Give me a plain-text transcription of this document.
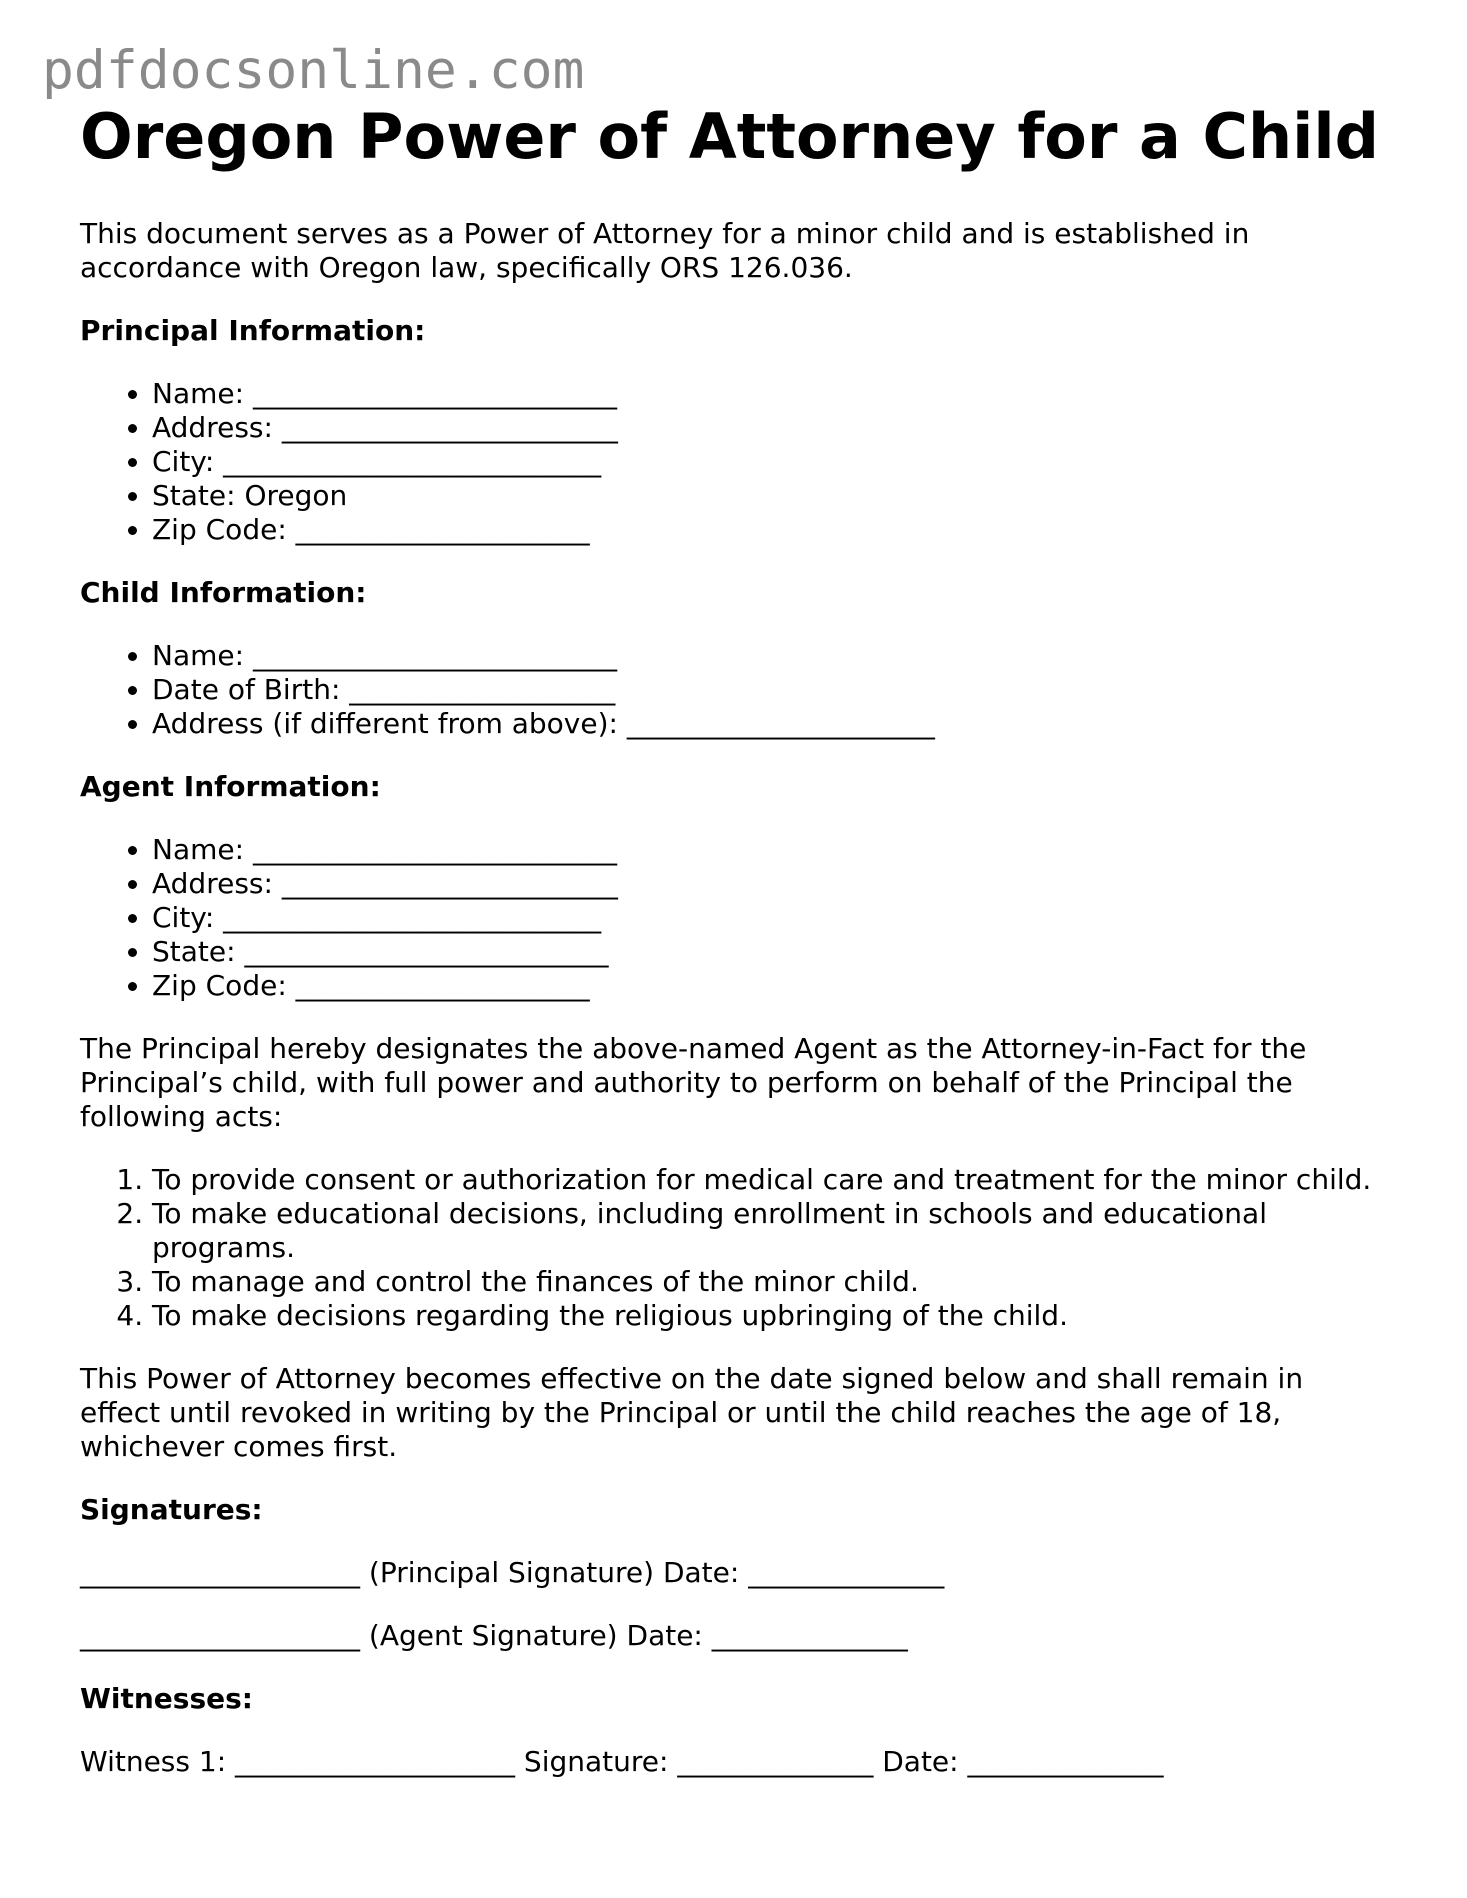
pdfdocsonline.com
Oregon Power of Attorney for a Child

This document serves as a Power of Attorney for a minor child and is established in accordance with Oregon law, specifically ORS 126.036.

Principal Information:
• Name: __________________________
• Address: ________________________
• City: ___________________________
• State: Oregon
• Zip Code: _____________________
Child Information:
• Name: __________________________
• Date of Birth: ___________________
• Address (if different from above): ______________________
Agent Information:
• Name: __________________________
• Address: ________________________
• City: ___________________________
• State: __________________________
• Zip Code: _____________________

The Principal hereby designates the above-named Agent as the Attorney-in-Fact for the Principal’s child, with full power and authority to perform on behalf of the Principal the following acts:

1. To provide consent or authorization for medical care and treatment for the minor child.
2. To make educational decisions, including enrollment in schools and educational programs.
3. To manage and control the finances of the minor child.
4. To make decisions regarding the religious upbringing of the child.

This Power of Attorney becomes effective on the date signed below and shall remain in effect until revoked in writing by the Principal or until the child reaches the age of 18, whichever comes first.

Signatures:

____________________ (Principal Signature) Date: ______________

____________________ (Agent Signature) Date: ______________

Witnesses:

Witness 1: ____________________ Signature: ______________ Date: ______________
